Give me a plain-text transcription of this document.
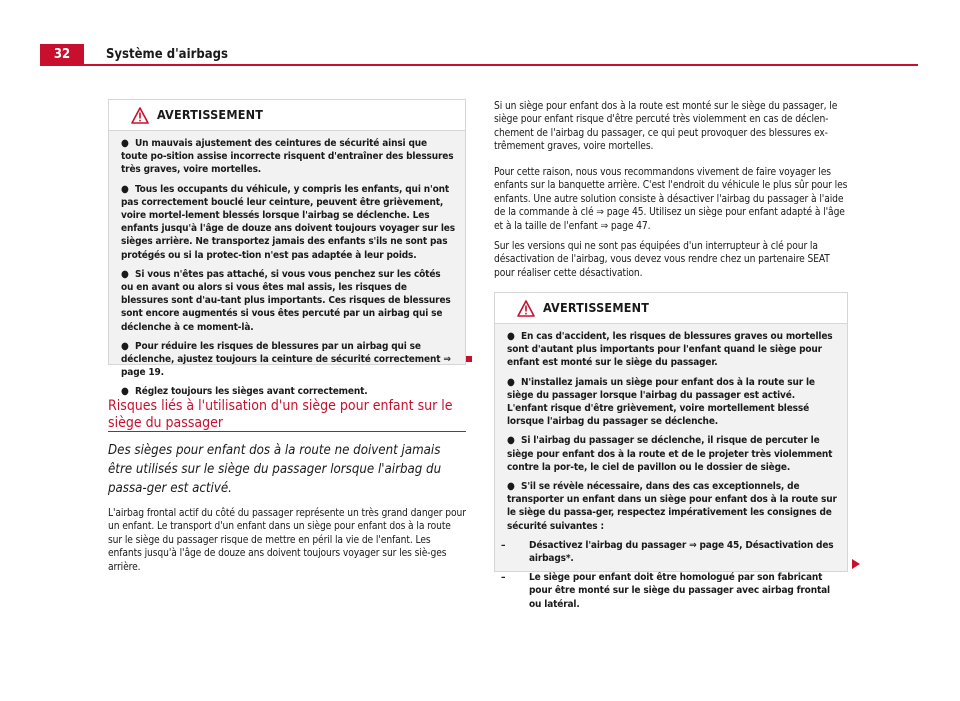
32	Système d'airbags
AVERTISSEMENT

● Un mauvais ajustement des ceintures de sécurité ainsi que toute po-sition assise incorrecte risquent d'entraîner des blessures très graves, voire mortelles.

● Tous les occupants du véhicule, y compris les enfants, qui n'ont pas correctement bouclé leur ceinture, peuvent être grièvement, voire mortel-lement blessés lorsque l'airbag se déclenche. Les enfants jusqu'à l'âge de douze ans doivent toujours voyager sur les sièges arrière. Ne transportez jamais des enfants s'ils ne sont pas protégés ou si la protec-tion n'est pas adaptée à leur poids.

● Si vous n'êtes pas attaché, si vous vous penchez sur les côtés ou en avant ou alors si vous êtes mal assis, les risques de blessures sont d'au-tant plus importants. Ces risques de blessures sont encore augmentés si vous êtes percuté par un airbag qui se déclenche à ce moment-là.

● Pour réduire les risques de blessures par un airbag qui se déclenche, ajustez toujours la ceinture de sécurité correctement ⇒ page 19.

● Réglez toujours les sièges avant correctement.

Risques liés à l'utilisation d'un siège pour enfant sur le siège du passager
Des sièges pour enfant dos à la route ne doivent jamais être utilisés sur le siège du passager lorsque l'airbag du passa-ger est activé.
L'airbag frontal actif du côté du passager représente un très grand danger pour un enfant. Le transport d'un enfant dans un siège pour enfant dos à la route sur le siège du passager risque de mettre en péril la vie de l'enfant. Les enfants jusqu'à l'âge de douze ans doivent toujours voyager sur les siè-ges arrière.
Si un siège pour enfant dos à la route est monté sur le siège du passager, le siège pour enfant risque d'être percuté très violemment en cas de déclen-chement de l'airbag du passager, ce qui peut provoquer des blessures ex-trêmement graves, voire mortelles.
Pour cette raison, nous vous recommandons vivement de faire voyager les enfants sur la banquette arrière. C'est l'endroit du véhicule le plus sûr pour les enfants. Une autre solution consiste à désactiver l'airbag du passager à l'aide de la commande à clé ⇒ page 45. Utilisez un siège pour enfant adapté à l'âge et à la taille de l'enfant ⇒ page 47.
Sur les versions qui ne sont pas équipées d'un interrupteur à clé pour la désactivation de l'airbag, vous devez vous rendre chez un partenaire SEAT pour réaliser cette désactivation.
AVERTISSEMENT

● En cas d'accident, les risques de blessures graves ou mortelles sont d'autant plus importants pour l'enfant quand le siège pour enfant est monté sur le siège du passager.

● N'installez jamais un siège pour enfant dos à la route sur le siège du passager lorsque l'airbag du passager est activé. L'enfant risque d'être grièvement, voire mortellement blessé lorsque l'airbag du passager se déclenche.

● Si l'airbag du passager se déclenche, il risque de percuter le siège pour enfant dos à la route et de le projeter très violemment contre la por-te, le ciel de pavillon ou le dossier de siège.

● S'il se révèle nécessaire, dans des cas exceptionnels, de transporter un enfant dans un siège pour enfant dos à la route sur le siège du passa-ger, respectez impérativement les consignes de sécurité suivantes :

– Désactivez l'airbag du passager ⇒ page 45, Désactivation des airbags*.

– Le siège pour enfant doit être homologué par son fabricant pour être monté sur le siège du passager avec airbag frontal ou latéral.
